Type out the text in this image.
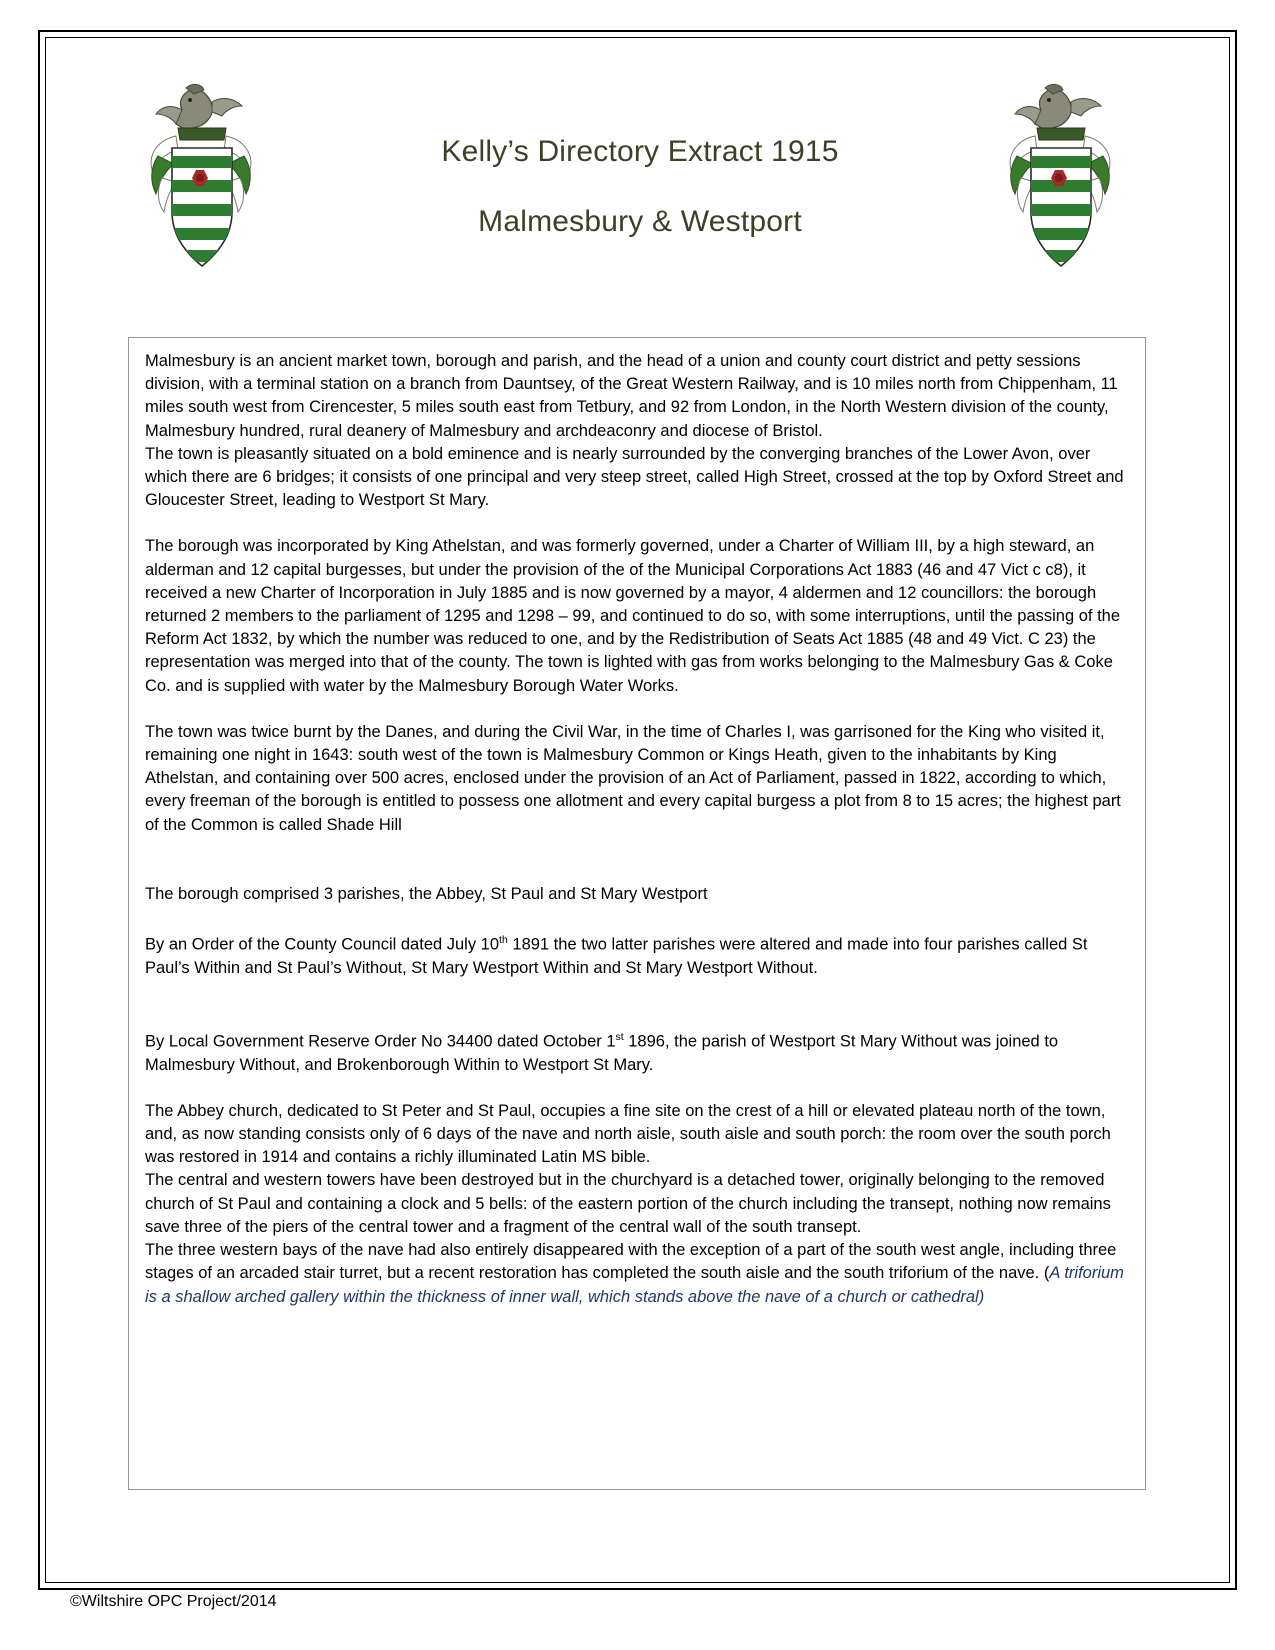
Kelly’s Directory Extract 1915
Malmesbury & Westport

Malmesbury is an ancient market town, borough and parish, and the head of a union and county court district and petty sessions division, with a terminal station on a branch from Dauntsey, of the Great Western Railway, and is 10 miles north from Chippenham, 11 miles south west from Cirencester, 5 miles south east from Tetbury, and 92 from London, in the North Western division of the county, Malmesbury hundred, rural deanery of Malmesbury and archdeaconry and diocese of Bristol.

The town is pleasantly situated on a bold eminence and is nearly surrounded by the converging branches of the Lower Avon, over which there are 6 bridges; it consists of one principal and very steep street, called High Street, crossed at the top by Oxford Street and Gloucester Street, leading to Westport St Mary.

The borough was incorporated by King Athelstan, and was formerly governed, under a Charter of William III, by a high steward, an alderman and 12 capital burgesses, but under the provision of the of the Municipal Corporations Act 1883 (46 and 47 Vict c c8), it received a new Charter of Incorporation in July 1885 and is now governed by a mayor, 4 aldermen and 12 councillors: the borough returned 2 members to the parliament of 1295 and 1298 – 99, and continued to do so, with some interruptions, until the passing of the Reform Act 1832, by which the number was reduced to one, and by the Redistribution of Seats Act 1885 (48 and 49 Vict. C 23) the representation was merged into that of the county. The town is lighted with gas from works belonging to the Malmesbury Gas & Coke Co. and is supplied with water by the Malmesbury Borough Water Works.

The town was twice burnt by the Danes, and during the Civil War, in the time of Charles I, was garrisoned for the King who visited it, remaining one night in 1643: south west of the town is Malmesbury Common or Kings Heath, given to the inhabitants by King Athelstan, and containing over 500 acres, enclosed under the provision of an Act of Parliament, passed in 1822, according to which, every freeman of the borough is entitled to possess one allotment and every capital burgess a plot from 8 to 15 acres; the highest part of the Common is called Shade Hill

The borough comprised 3 parishes, the Abbey, St Paul and St Mary Westport

By an Order of the County Council dated July 10th 1891 the two latter parishes were altered and made into four parishes called St Paul’s Within and St Paul’s Without, St Mary Westport Within and St Mary Westport Without.

By Local Government Reserve Order No 34400 dated October 1st 1896, the parish of Westport St Mary Without was joined to Malmesbury Without, and Brokenborough Within to Westport St Mary.

The Abbey church, dedicated to St Peter and St Paul, occupies a fine site on the crest of a hill or elevated plateau north of the town, and, as now standing consists only of 6 days of the nave and north aisle, south aisle and south porch: the room over the south porch was restored in 1914 and contains a richly illuminated Latin MS bible.

The central and western towers have been destroyed but in the churchyard is a detached tower, originally belonging to the removed church of St Paul and containing a clock and 5 bells: of the eastern portion of the church including the transept, nothing now remains save three of the piers of the central tower and a fragment of the central wall of the south transept.

The three western bays of the nave had also entirely disappeared with the exception of a part of the south west angle, including three stages of an arcaded stair turret, but a recent restoration has completed the south aisle and the south triforium of the nave. (A triforium is a shallow arched gallery within the thickness of inner wall, which stands above the nave of a church or cathedral)

©Wiltshire OPC Project/2014
